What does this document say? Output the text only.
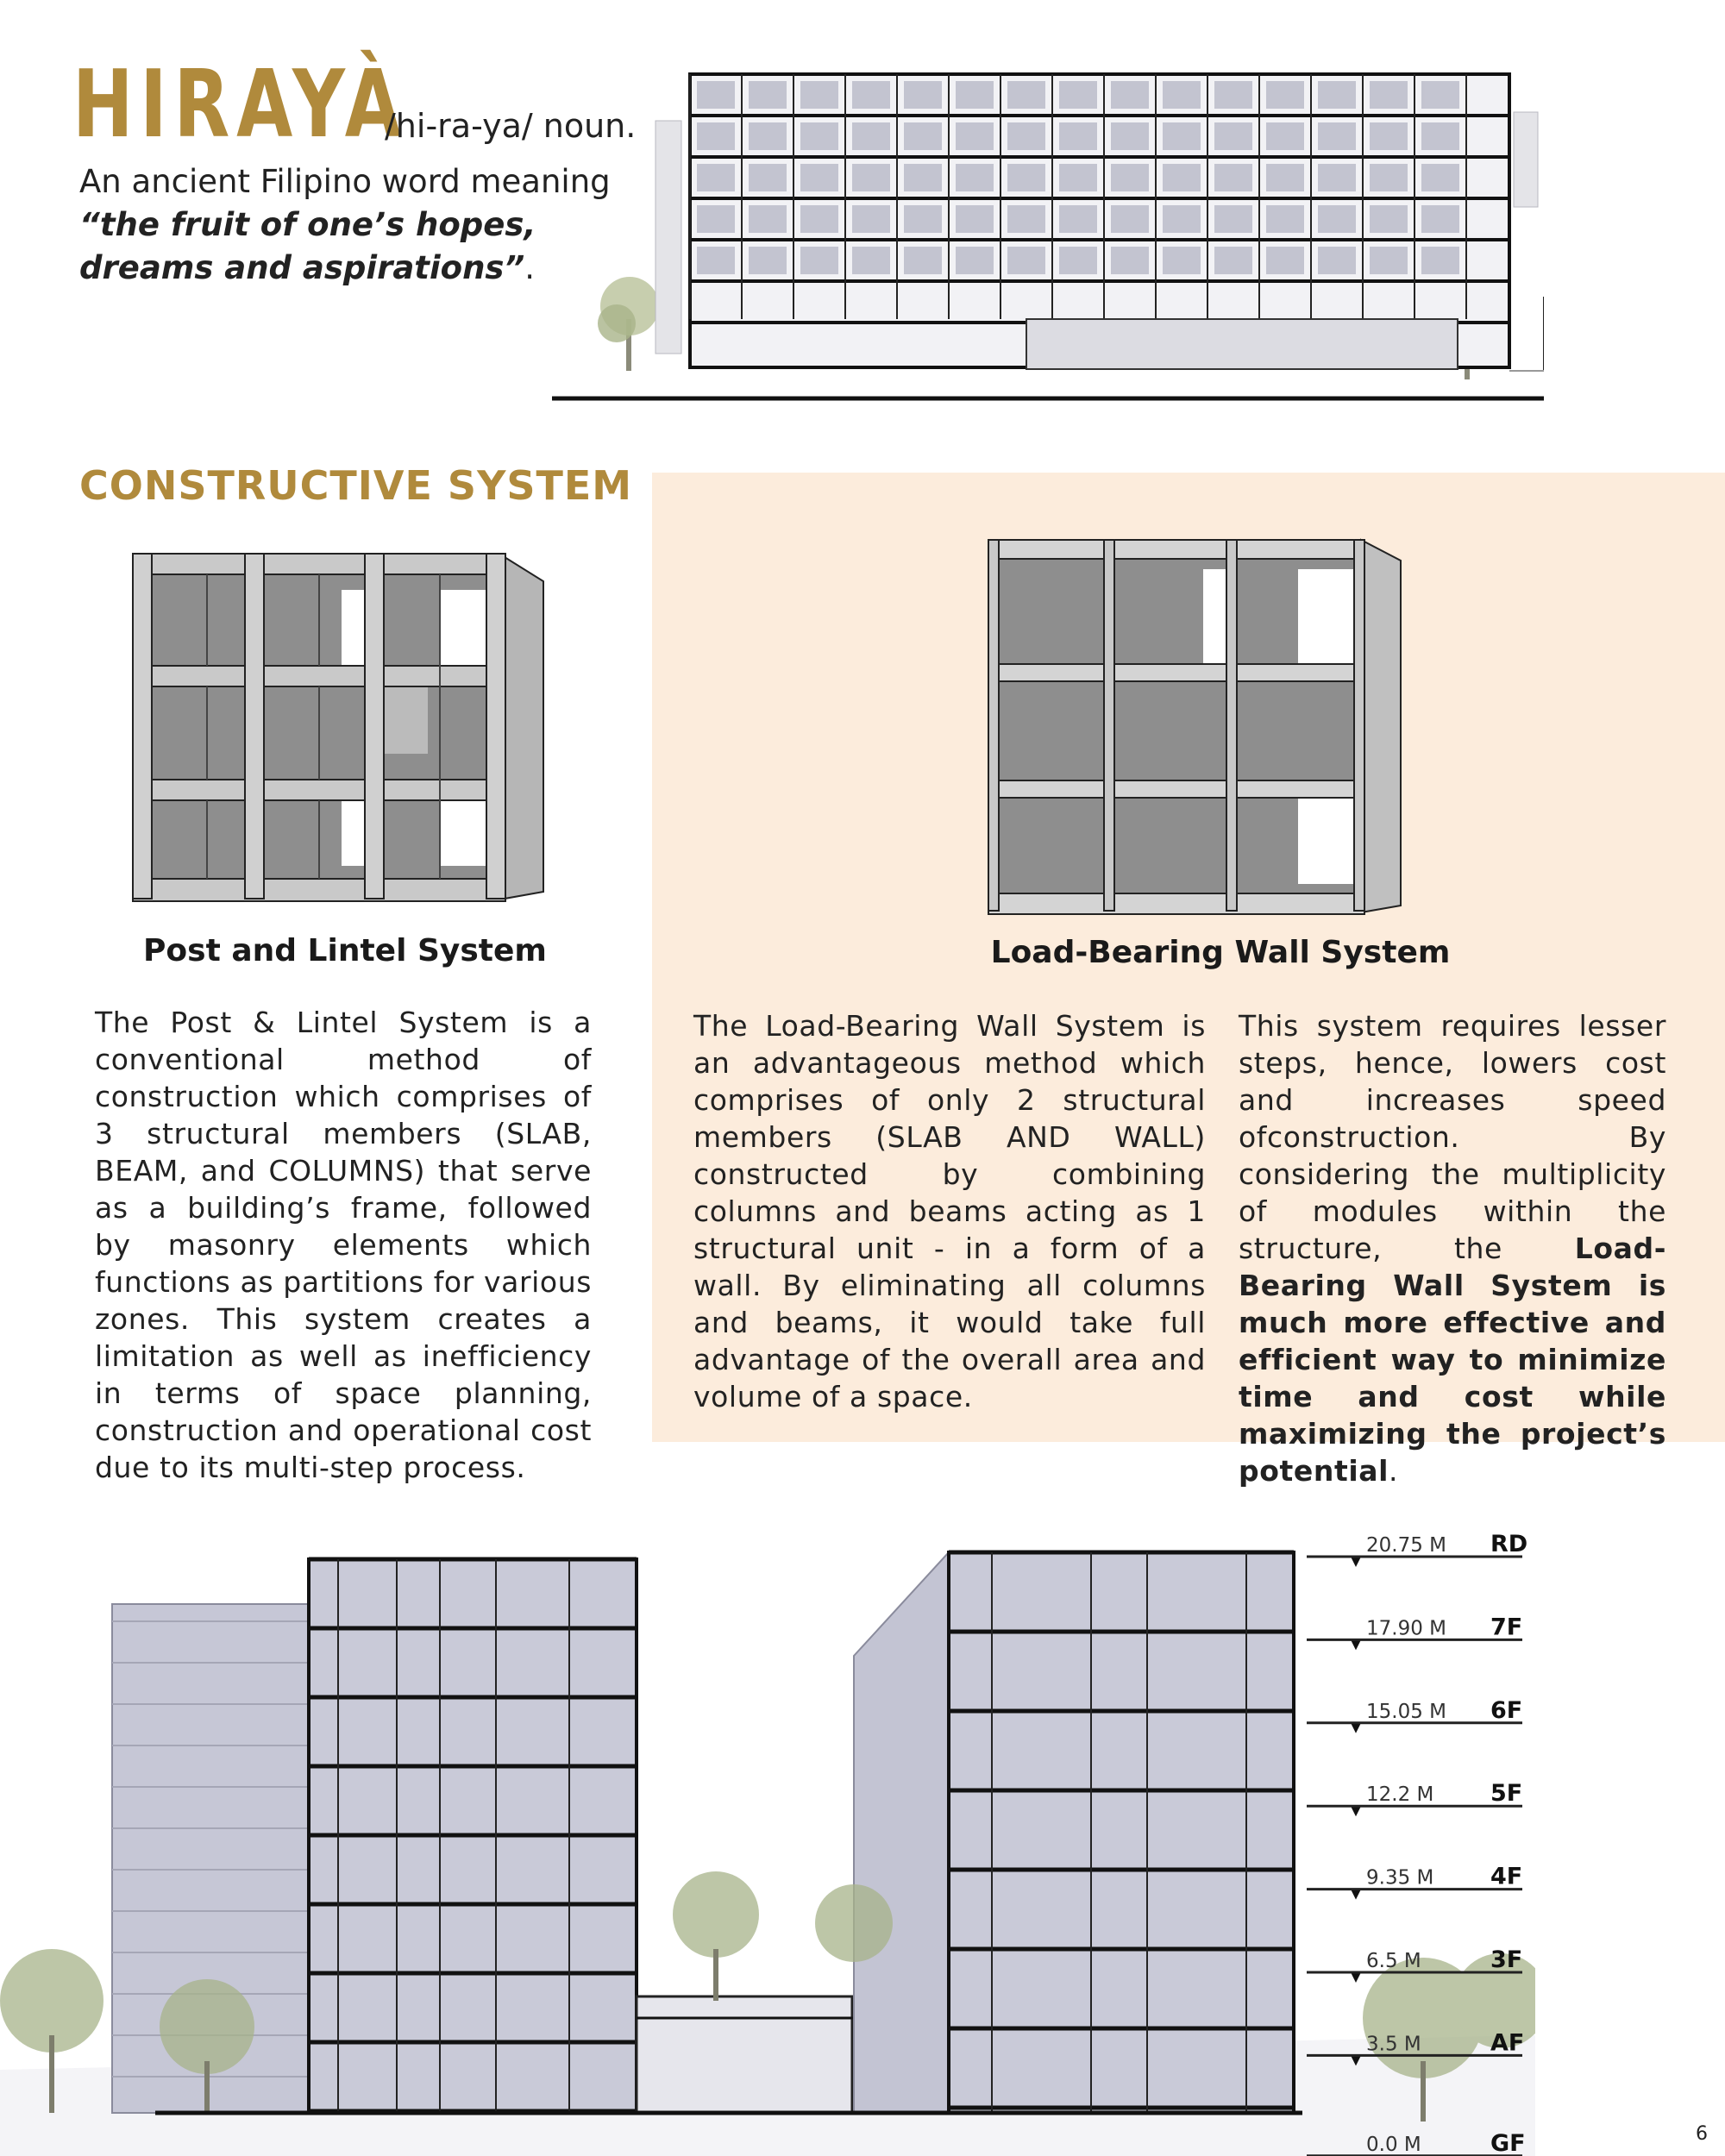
HIRAYÀ
/hi-ra-ya/ noun.
An ancient Filipino word meaning
“the fruit of one’s hopes, dreams and aspirations”.
CONSTRUCTIVE SYSTEM
Post and Lintel System	Load-Bearing Wall System
The Post & Lintel System is a conventional method of construction which comprises of 3 structural members (SLAB, BEAM, and COLUMNS) that serve as a building’s frame, followed by masonry elements which functions as partitions for various zones. This system creates a limitation as well as inefficiency in terms of space planning, construction and operational cost due to its multi-step process.
The Load-Bearing Wall System is an advantageous method which comprises of only 2 structural members (SLAB AND WALL) constructed by combining columns and beams acting as 1 structural unit - in a form of a wall. By eliminating all columns and beams, it would take full advantage of the overall area and volume of a space.
This system requires lesser steps, hence, lowers cost and increases speed ofconstruction. By considering the multiplicity of modules within the structure, the Load-Bearing Wall System is much more effective and efficient way to minimize time and cost while maximizing the project’s potential.
20.75 M RD
17.90 M 7F
15.05 M 6F
12.2 M 5F
9.35 M 4F
6.5 M	3F
3.5 M	AF
0.0 M	GF	6
